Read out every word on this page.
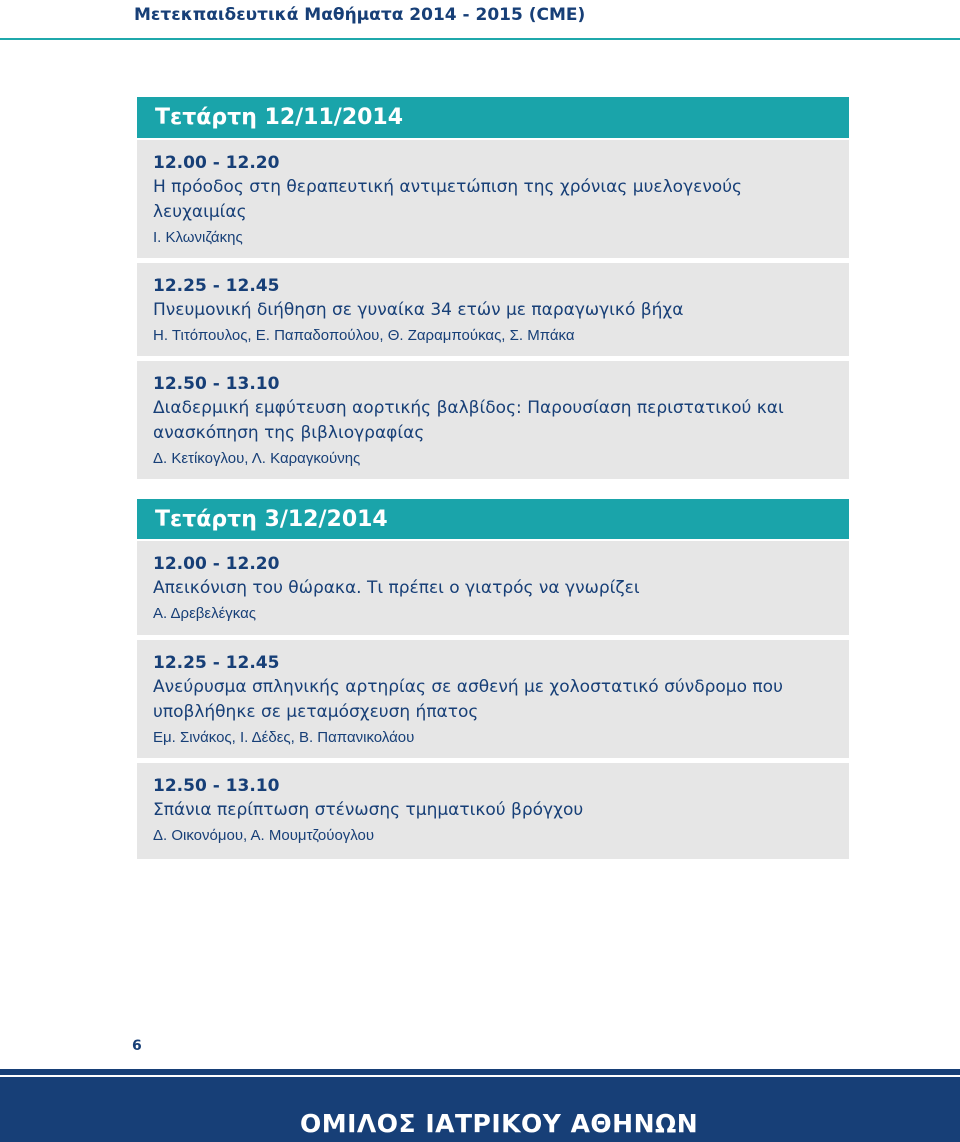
Μετεκπαιδευτικά Μαθήματα 2014 - 2015 (CME)
Τετάρτη 12/11/2014
12.00 - 12.20
Η πρόοδος στη θεραπευτική αντιμετώπιση της χρόνιας μυελογενούς λευχαιμίας
Ι. Κλωνιζάκης
12.25 - 12.45
Πνευμονική διήθηση σε γυναίκα 34 ετών με παραγωγικό βήχα
Η. Τιτόπουλος, Ε. Παπαδοπούλου, Θ. Ζαραμπούκας, Σ. Μπάκα
12.50 - 13.10
Διαδερμική εμφύτευση αορτικής βαλβίδος: Παρουσίαση περιστατικού και ανασκόπηση της βιβλιογραφίας
Δ. Κετίκογλου, Λ. Καραγκούνης
Τετάρτη 3/12/2014
12.00 - 12.20
Απεικόνιση του θώρακα. Τι πρέπει ο γιατρός να γνωρίζει
Α. Δρεβελέγκας
12.25 - 12.45
Ανεύρυσμα σπληνικής αρτηρίας σε ασθενή με χολοστατικό σύνδρομο που υποβλήθηκε σε μεταμόσχευση ήπατος
Εμ. Σινάκος, Ι. Δέδες, Β. Παπανικολάου
12.50 - 13.10
Σπάνια περίπτωση στένωσης τμηματικού βρόγχου
Δ. Οικονόμου, Α. Μουμτζούογλου
6
ΟΜΙΛΟΣ ΙΑΤΡΙΚΟΥ ΑΘΗΝΩΝ
